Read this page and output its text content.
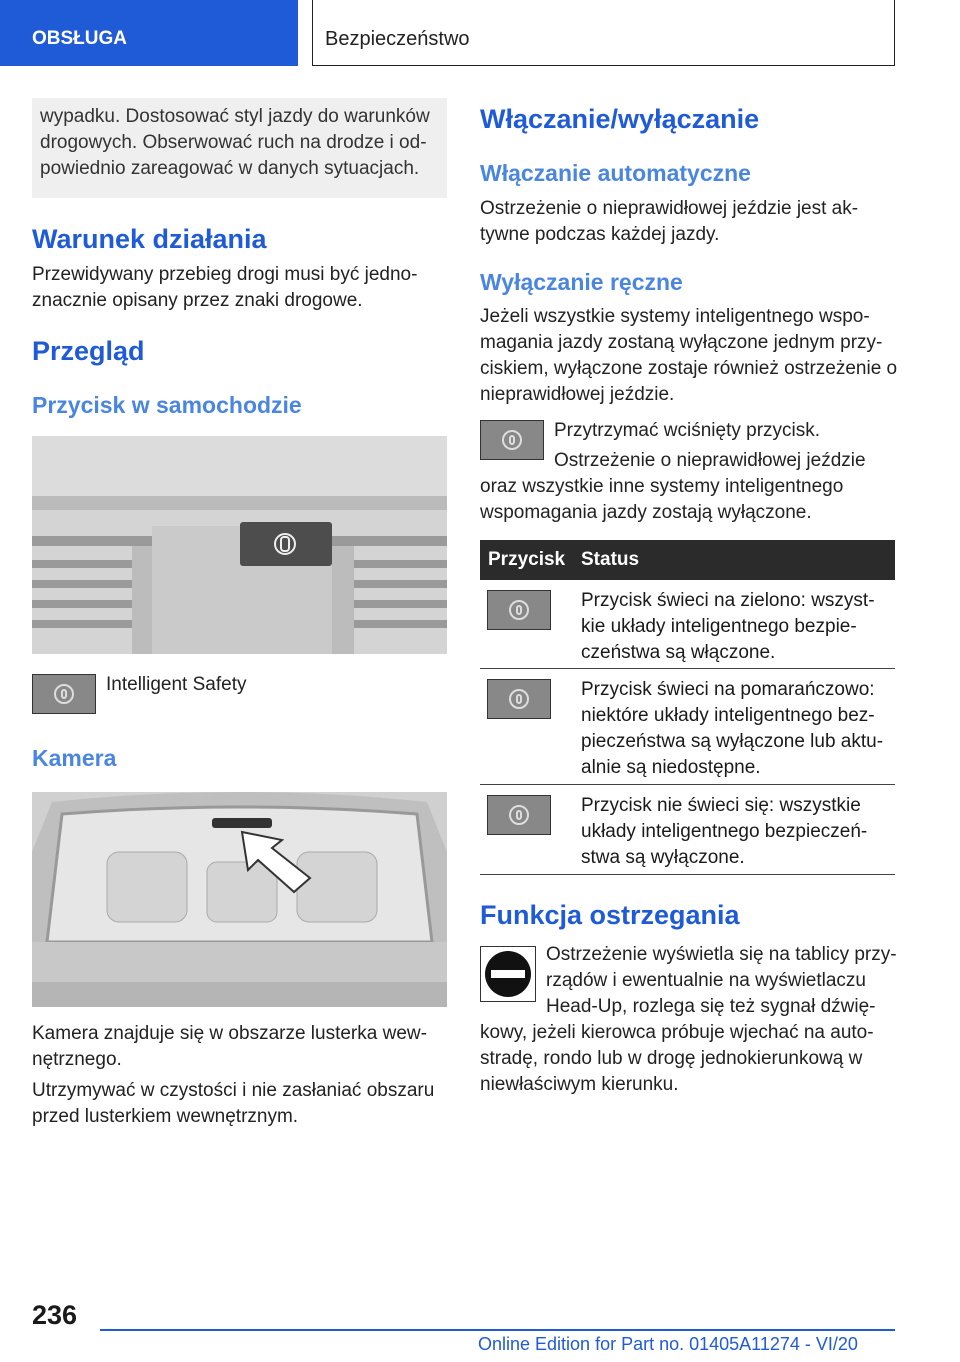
OBSŁUGA	Bezpieczeństwo
wypadku. Dostosować styl jazdy do warunków
drogowych. Obserwować ruch na drodze i od-
powiednio zareagować w danych sytuacjach.
Warunek działania
Przewidywany przebieg drogi musi być jedno-
znacznie opisany przez znaki drogowe.
Przegląd
Przycisk w samochodzie
Intelligent Safety
Kamera
Kamera znajduje się w obszarze lusterka wew-
nętrznego.
Utrzymywać w czystości i nie zasłaniać obszaru
przed lusterkiem wewnętrznym.
Włączanie/wyłączanie
Włączanie automatyczne
Ostrzeżenie o nieprawidłowej jeździe jest ak-
tywne podczas każdej jazdy.
Wyłączanie ręczne
Jeżeli wszystkie systemy inteligentnego wspo-
magania jazdy zostaną wyłączone jednym przy-
ciskiem, wyłączone zostaje również ostrzeżenie o
nieprawidłowej jeździe.
Przytrzymać wciśnięty przycisk.
Ostrzeżenie o nieprawidłowej jeździe
oraz wszystkie inne systemy inteligentnego
wspomagania jazdy zostają wyłączone.
Przycisk Status
Przycisk świeci na zielono: wszyst-
kie układy inteligentnego bezpie-
czeństwa są włączone.
Przycisk świeci na pomarańczowo:
niektóre układy inteligentnego bez-
pieczeństwa są wyłączone lub aktu-
alnie są niedostępne.
Przycisk nie świeci się: wszystkie
układy inteligentnego bezpieczeń-
stwa są wyłączone.
Funkcja ostrzegania
Ostrzeżenie wyświetla się na tablicy przy-
rządów i ewentualnie na wyświetlaczu
Head-Up, rozlega się też sygnał dźwię-
kowy, jeżeli kierowca próbuje wjechać na auto-
stradę, rondo lub w drogę jednokierunkową w
niewłaściwym kierunku.
236
Online Edition for Part no. 01405A11274 - VI/20
